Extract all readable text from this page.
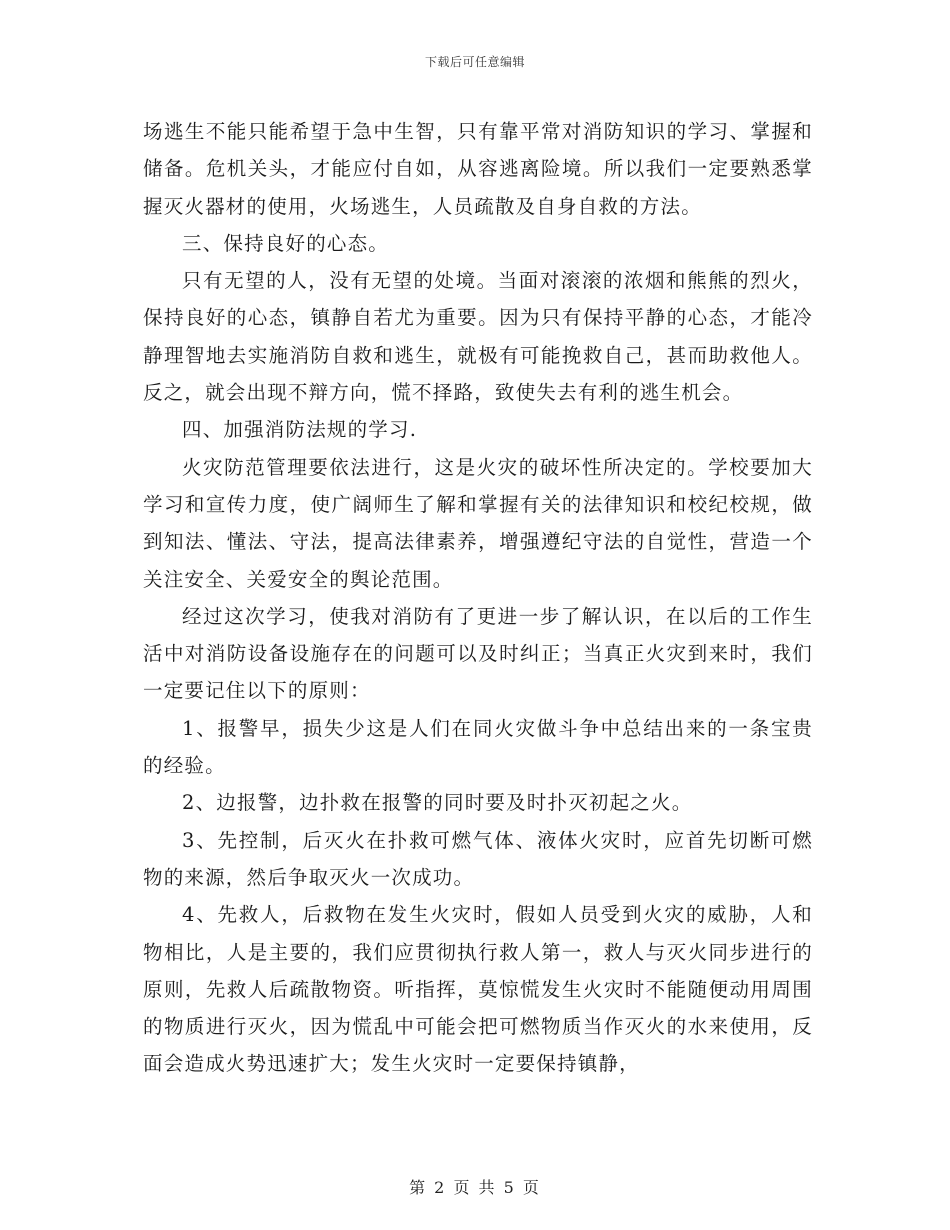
下载后可任意编辑

场逃生不能只能希望于急中生智，只有靠平常对消防知识的学习、掌握和储备。危机关头，才能应付自如，从容逃离险境。所以我们一定要熟悉掌握灭火器材的使用，火场逃生，人员疏散及自身自救的方法。

三、保持良好的心态。

只有无望的人，没有无望的处境。当面对滚滚的浓烟和熊熊的烈火，保持良好的心态，镇静自若尤为重要。因为只有保持平静的心态，才能冷静理智地去实施消防自救和逃生，就极有可能挽救自己，甚而助救他人。反之，就会出现不辩方向，慌不择路，致使失去有利的逃生机会。

四、加强消防法规的学习.

火灾防范管理要依法进行，这是火灾的破坏性所决定的。学校要加大学习和宣传力度，使广阔师生了解和掌握有关的法律知识和校纪校规，做到知法、懂法、守法，提高法律素养，增强遵纪守法的自觉性，营造一个关注安全、关爱安全的舆论范围。

经过这次学习，使我对消防有了更进一步了解认识，在以后的工作生活中对消防设备设施存在的问题可以及时纠正；当真正火灾到来时，我们一定要记住以下的原则：

1、报警早，损失少这是人们在同火灾做斗争中总结出来的一条宝贵的经验。

2、边报警，边扑救在报警的同时要及时扑灭初起之火。

3、先控制，后灭火在扑救可燃气体、液体火灾时，应首先切断可燃物的来源，然后争取灭火一次成功。

4、先救人，后救物在发生火灾时，假如人员受到火灾的威胁，人和物相比，人是主要的，我们应贯彻执行救人第一，救人与灭火同步进行的原则，先救人后疏散物资。听指挥，莫惊慌发生火灾时不能随便动用周围的物质进行灭火，因为慌乱中可能会把可燃物质当作灭火的水来使用，反面会造成火势迅速扩大；发生火灾时一定要保持镇静，

第 2 页 共 5 页
